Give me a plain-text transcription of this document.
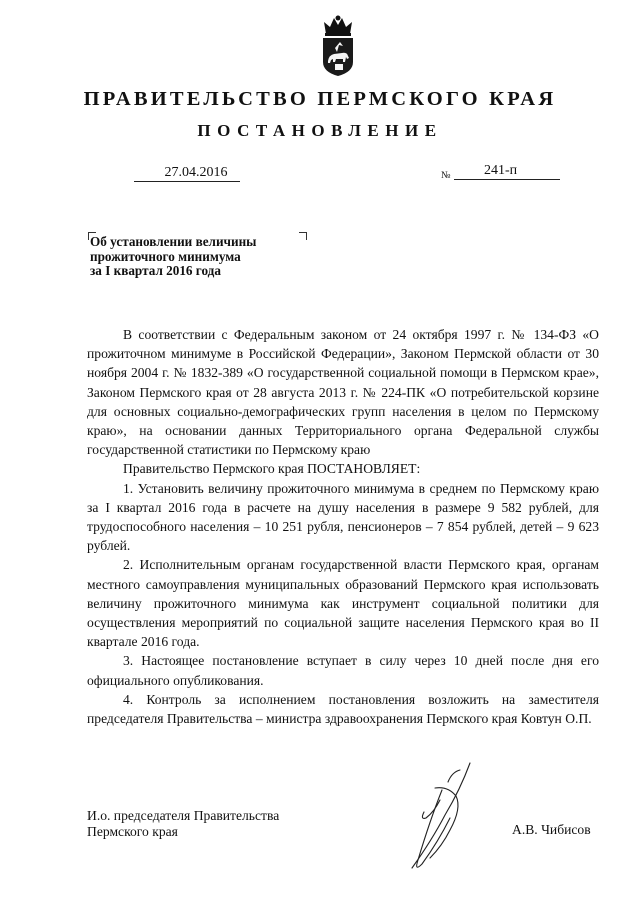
ПРАВИТЕЛЬСТВО ПЕРМСКОГО КРАЯ
ПОСТАНОВЛЕНИЕ
27.04.2016	№	241-п
Об установлении величины
прожиточного минимума
за I квартал 2016 года

В соответствии с Федеральным законом от 24 октября 1997 г. № 134-ФЗ «О прожиточном минимуме в Российской Федерации», Законом Пермской области от 30 ноября 2004 г. № 1832-389 «О государственной социальной помощи в Пермском крае», Законом Пермского края от 28 августа 2013 г. № 224-ПК «О потребительской корзине для основных социально-демографических групп населения в целом по Пермскому краю», на основании данных Территориального органа Федеральной службы государственной статистики по Пермскому краю

Правительство Пермского края ПОСТАНОВЛЯЕТ:

1. Установить величину прожиточного минимума в среднем по Пермскому краю за I квартал 2016 года в расчете на душу населения в размере 9 582 рублей, для трудоспособного населения – 10 251 рубля, пенсионеров – 7 854 рублей, детей – 9 623 рублей.

2. Исполнительным органам государственной власти Пермского края, органам местного самоуправления муниципальных образований Пермского края использовать величину прожиточного минимума как инструмент социальной политики для осуществления мероприятий по социальной защите населения Пермского края во II квартале 2016 года.

3. Настоящее постановление вступает в силу через 10 дней после дня его официального опубликования.

4. Контроль за исполнением постановления возложить на заместителя председателя Правительства – министра здравоохранения Пермского края Ковтун О.П.

И.о. председателя Правительства
Пермского края	А.В. Чибисов
